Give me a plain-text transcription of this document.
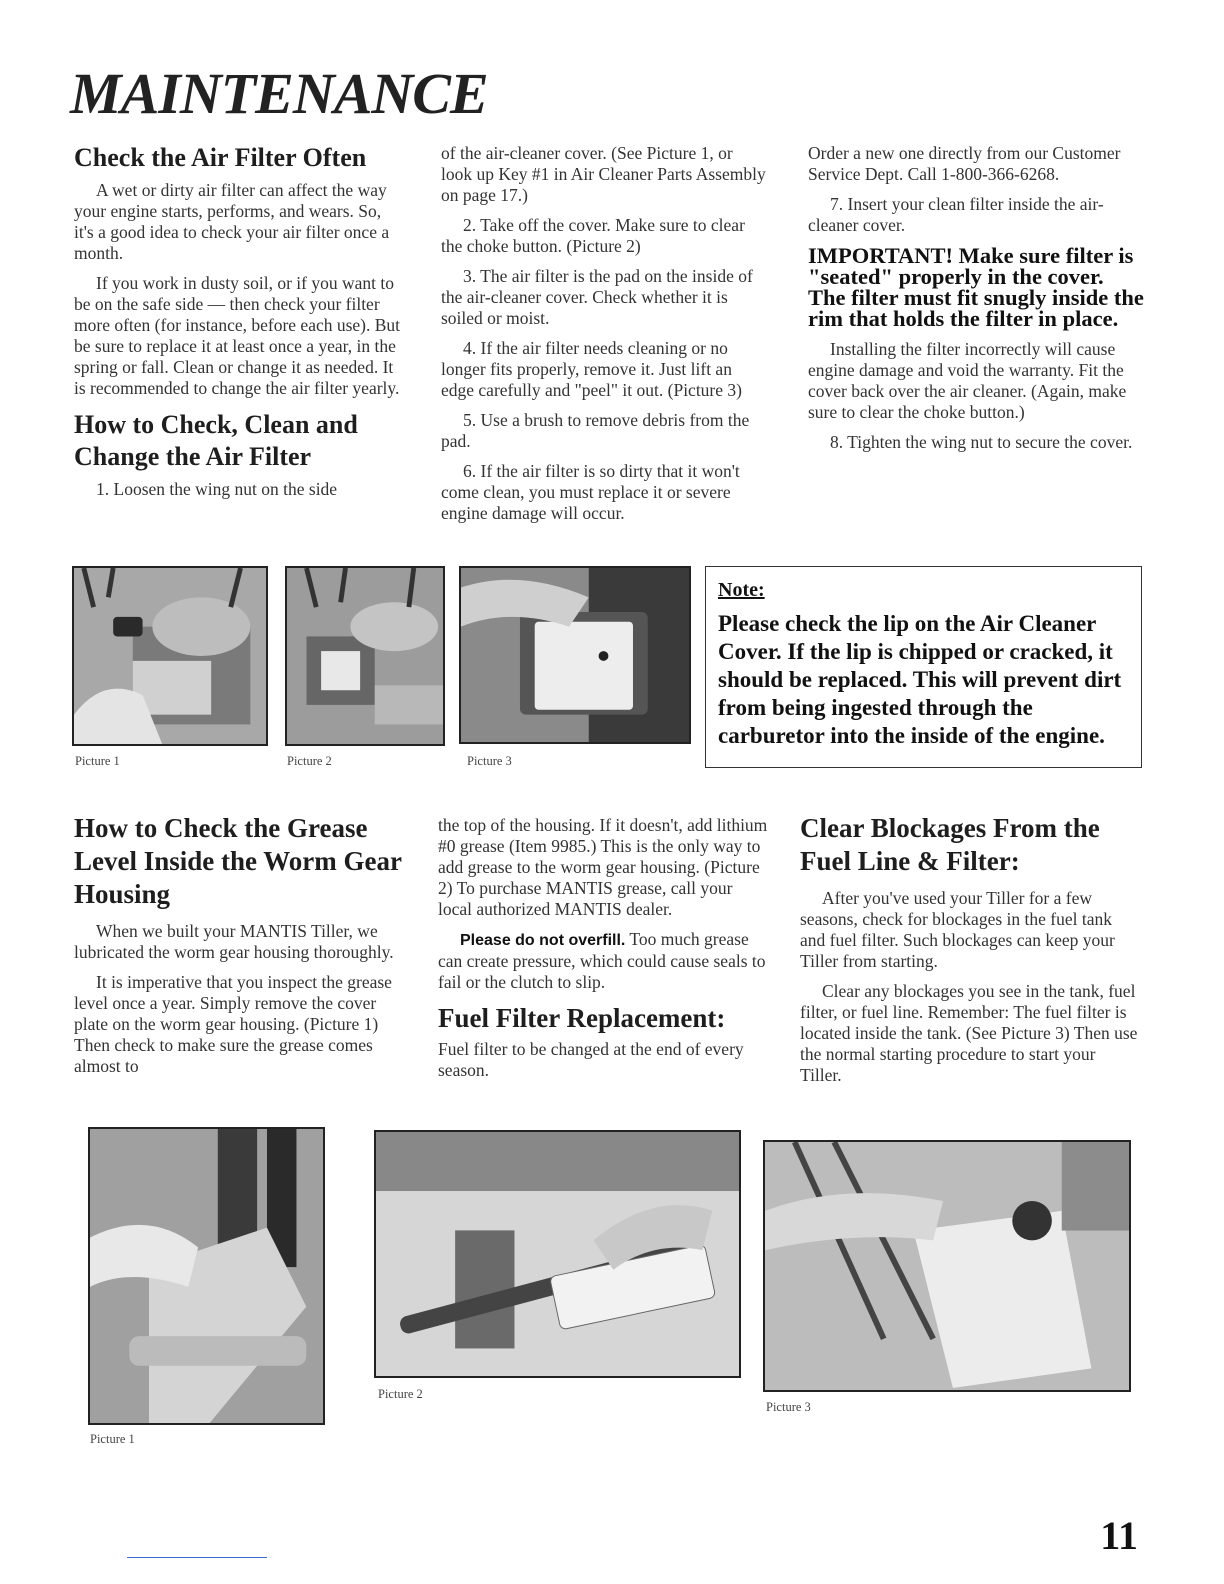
MAINTENANCE
Check the Air Filter Often

A wet or dirty air filter can affect the way your engine starts, performs, and wears. So, it's a good idea to check your air filter once a month.

If you work in dusty soil, or if you want to be on the safe side — then check your filter more often (for instance, before each use). But be sure to replace it at least once a year, in the spring or fall. Clean or change it as needed. It is recommended to change the air filter yearly.

How to Check, Clean and Change the Air Filter

1. Loosen the wing nut on the side

of the air-cleaner cover. (See Picture 1, or look up Key #1 in Air Cleaner Parts Assembly on page 17.)

2. Take off the cover. Make sure to clear the choke button. (Picture 2)

3. The air filter is the pad on the inside of the air-cleaner cover. Check whether it is soiled or moist.

4. If the air filter needs cleaning or no longer fits properly, remove it. Just lift an edge carefully and "peel" it out. (Picture 3)

5. Use a brush to remove debris from the pad.

6. If the air filter is so dirty that it won't come clean, you must replace it or severe engine damage will occur.

Order a new one directly from our Customer Service Dept. Call 1-800-366-6268.

7. Insert your clean filter inside the air-cleaner cover.

IMPORTANT! Make sure filter is "seated" properly in the cover. The filter must fit snugly inside the rim that holds the filter in place.

Installing the filter incorrectly will cause engine damage and void the warranty. Fit the cover back over the air cleaner. (Again, make sure to clear the choke button.)

8. Tighten the wing nut to secure the cover.

Picture 1	Picture 2	Picture 3
Note:
Please check the lip on the Air Cleaner Cover. If the lip is chipped or cracked, it should be replaced. This will prevent dirt from being ingested through the carburetor into the inside of the engine.
How to Check the Grease Level Inside the Worm Gear Housing

When we built your MANTIS Tiller, we lubricated the worm gear housing thoroughly.

It is imperative that you inspect the grease level once a year. Simply remove the cover plate on the worm gear housing. (Picture 1) Then check to make sure the grease comes almost to

the top of the housing. If it doesn't, add lithium #0 grease (Item 9985.) This is the only way to add grease to the worm gear housing. (Picture 2) To purchase MANTIS grease, call your local authorized MANTIS dealer.

Please do not overfill. Too much grease can create pressure, which could cause seals to fail or the clutch to slip.

Fuel Filter Replacement:

Fuel filter to be changed at the end of every season.

Clear Blockages From the Fuel Line & Filter:

After you've used your Tiller for a few seasons, check for blockages in the fuel tank and fuel filter. Such blockages can keep your Tiller from starting.

Clear any blockages you see in the tank, fuel filter, or fuel line. Remember: The fuel filter is located inside the tank. (See Picture 3) Then use the normal starting procedure to start your Tiller.

Picture 1
Picture 2
Picture 3
11
